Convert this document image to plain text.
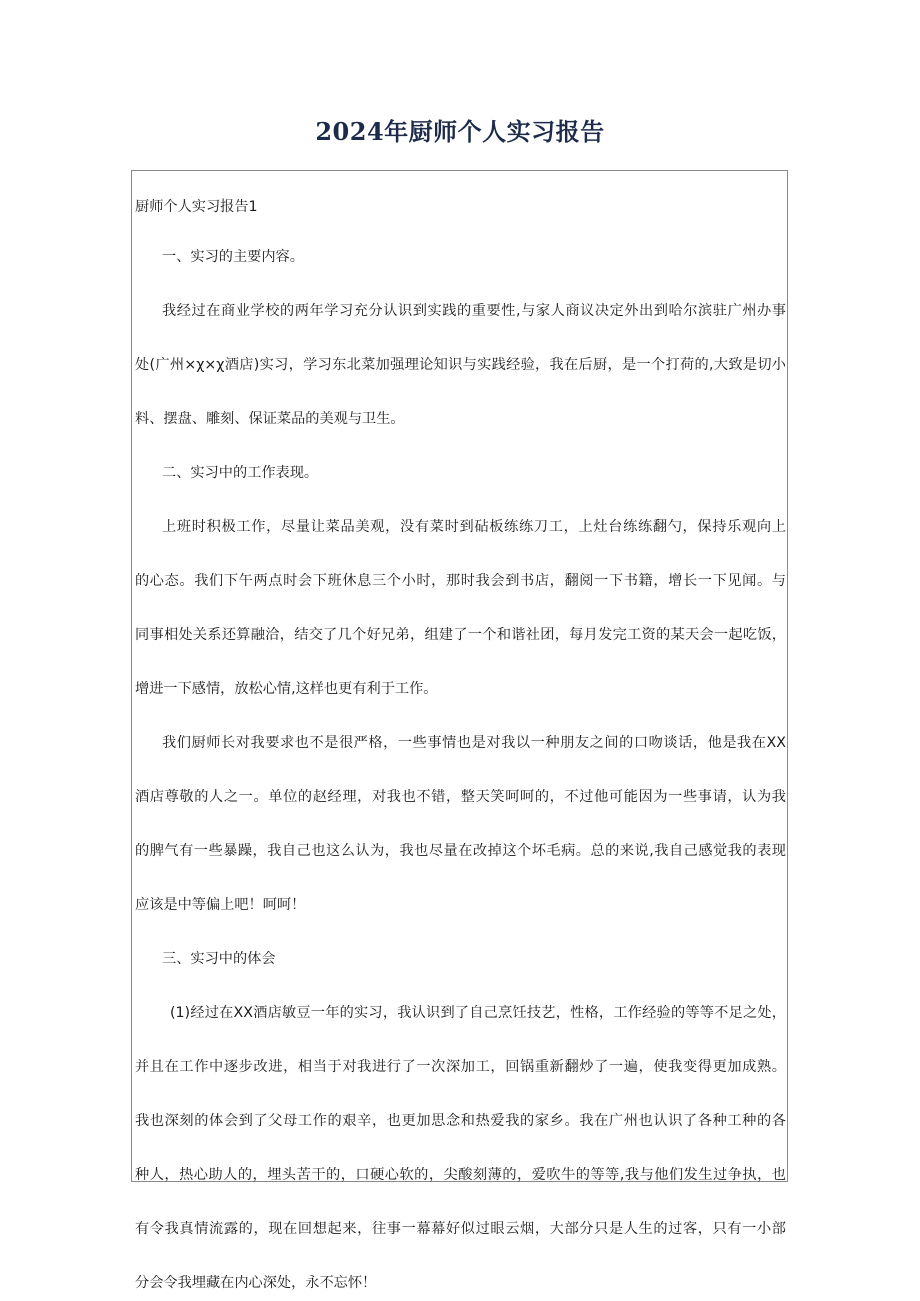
2024年厨师个人实习报告
厨师个人实习报告1
一、实习的主要内容。
我经过在商业学校的两年学习充分认识到实践的重要性,与家人商议决定外出到哈尔滨驻广州办事
处(广州×χ×χ酒店)实习，学习东北菜加强理论知识与实践经验，我在后厨，是一个打荷的,大致是切小
料、摆盘、雕刻、保证菜品的美观与卫生。
二、实习中的工作表现。
上班时积极工作，尽量让菜品美观，没有菜时到砧板练练刀工，上灶台练练翻勺，保持乐观向上
的心态。我们下午两点时会下班休息三个小时，那时我会到书店，翻阅一下书籍，增长一下见闻。与
同事相处关系还算融洽，结交了几个好兄弟，组建了一个和谐社团，每月发完工资的某天会一起吃饭，
增进一下感情，放松心情,这样也更有利于工作。
我们厨师长对我要求也不是很严格，一些事情也是对我以一种朋友之间的口吻谈话，他是我在XX
酒店尊敬的人之一。单位的赵经理，对我也不错，整天笑呵呵的，不过他可能因为一些事请，认为我
的脾气有一些暴躁，我自己也这么认为，我也尽量在改掉这个坏毛病。总的来说,我自己感觉我的表现
应该是中等偏上吧！呵呵！
三、实习中的体会
(1)经过在XX酒店敏豆一年的实习，我认识到了自己烹饪技艺，性格，工作经验的等等不足之处，
并且在工作中逐步改进，相当于对我进行了一次深加工，回锅重新翻炒了一遍，使我变得更加成熟。
我也深刻的体会到了父母工作的艰辛，也更加思念和热爱我的家乡。我在广州也认识了各种工种的各
种人，热心助人的，埋头苦干的，口硬心软的，尖酸刻薄的，爱吹牛的等等,我与他们发生过争执，也
有令我真情流露的，现在回想起来，往事一幕幕好似过眼云烟，大部分只是人生的过客，只有一小部
分会令我埋藏在内心深处，永不忘怀！
